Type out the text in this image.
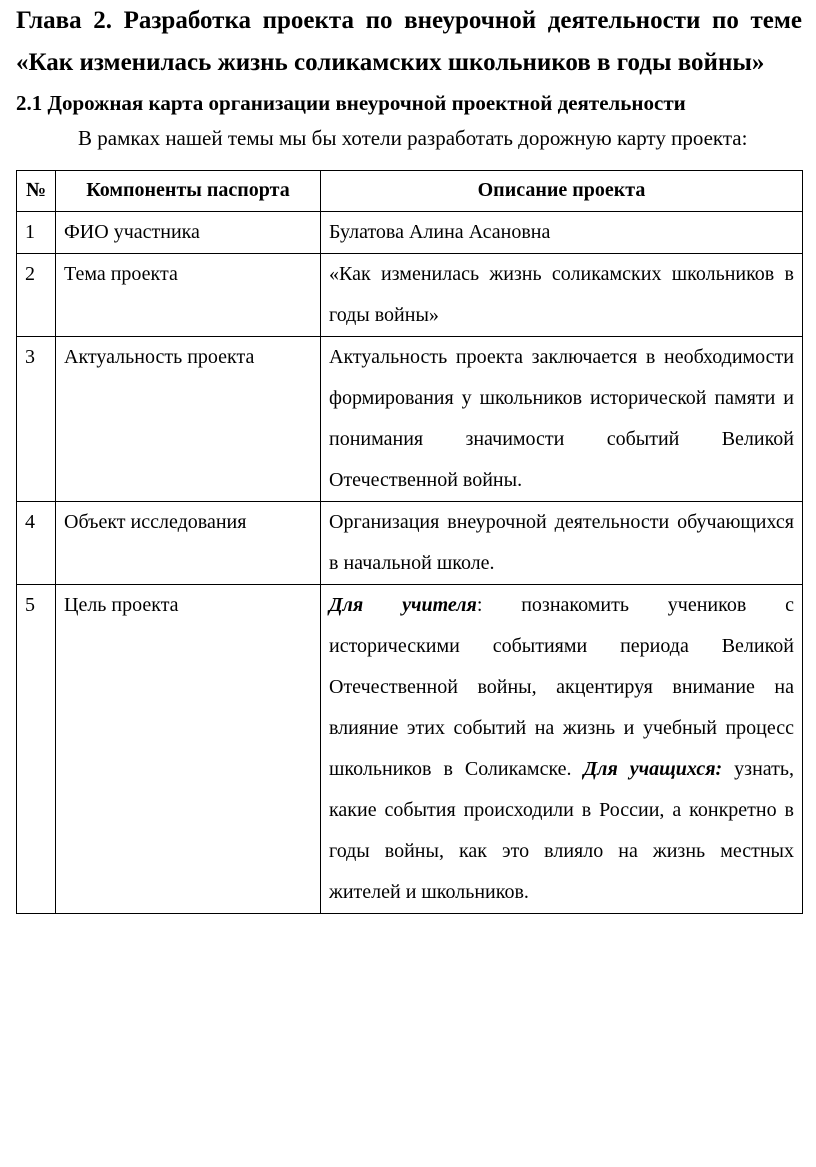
Глава 2. Разработка проекта по внеурочной деятельности по теме «Как изменилась жизнь соликамских школьников в годы войны»
2.1 Дорожная карта организации внеурочной проектной деятельности

В рамках нашей темы мы бы хотели разработать дорожную карту проекта:

№	Компоненты паспорта	Описание проекта
1	ФИО участника	Булатова Алина Асановна
2	Тема проекта	«Как изменилась жизнь соликамских школьников в годы войны»
3	Актуальность проекта	Актуальность проекта заключается в необходимости формирования у школьников исторической памяти и понимания значимости событий Великой Отечественной войны.
4	Объект исследования	Организация внеурочной деятельности обучающихся в начальной школе.
5	Цель проекта	Для учителя: познакомить учеников с историческими событиями периода Великой Отечественной войны, акцентируя внимание на влияние этих событий на жизнь и учебный процесс школьников в Соликамске. Для учащихся: узнать, какие события происходили в России, а конкретно в годы войны, как это влияло на жизнь местных жителей и школьников.
